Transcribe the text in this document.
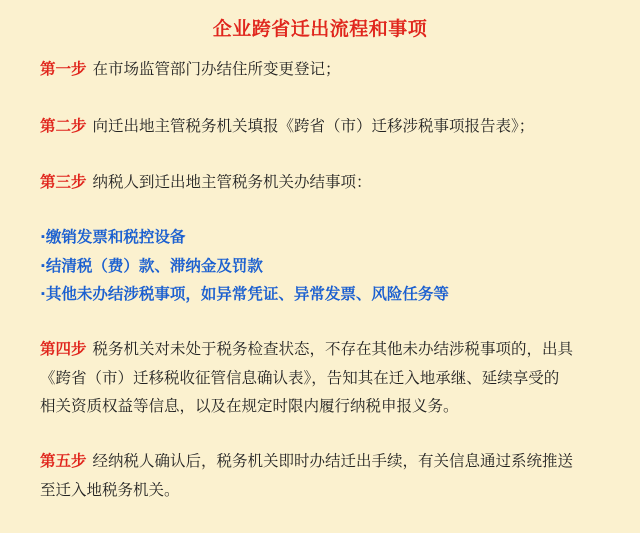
企业跨省迁出流程和事项
第一步 在市场监管部门办结住所变更登记；
第二步 向迁出地主管税务机关填报《跨省（市）迁移涉税事项报告表》；
第三步 纳税人到迁出地主管税务机关办结事项：
·缴销发票和税控设备
·结清税（费）款、滞纳金及罚款
·其他未办结涉税事项，如异常凭证、异常发票、风险任务等
第四步 税务机关对未处于税务检查状态，不存在其他未办结涉税事项的，出具
《跨省（市）迁移税收征管信息确认表》，告知其在迁入地承继、延续享受的
相关资质权益等信息，以及在规定时限内履行纳税申报义务。
第五步 经纳税人确认后，税务机关即时办结迁出手续，有关信息通过系统推送
至迁入地税务机关。
